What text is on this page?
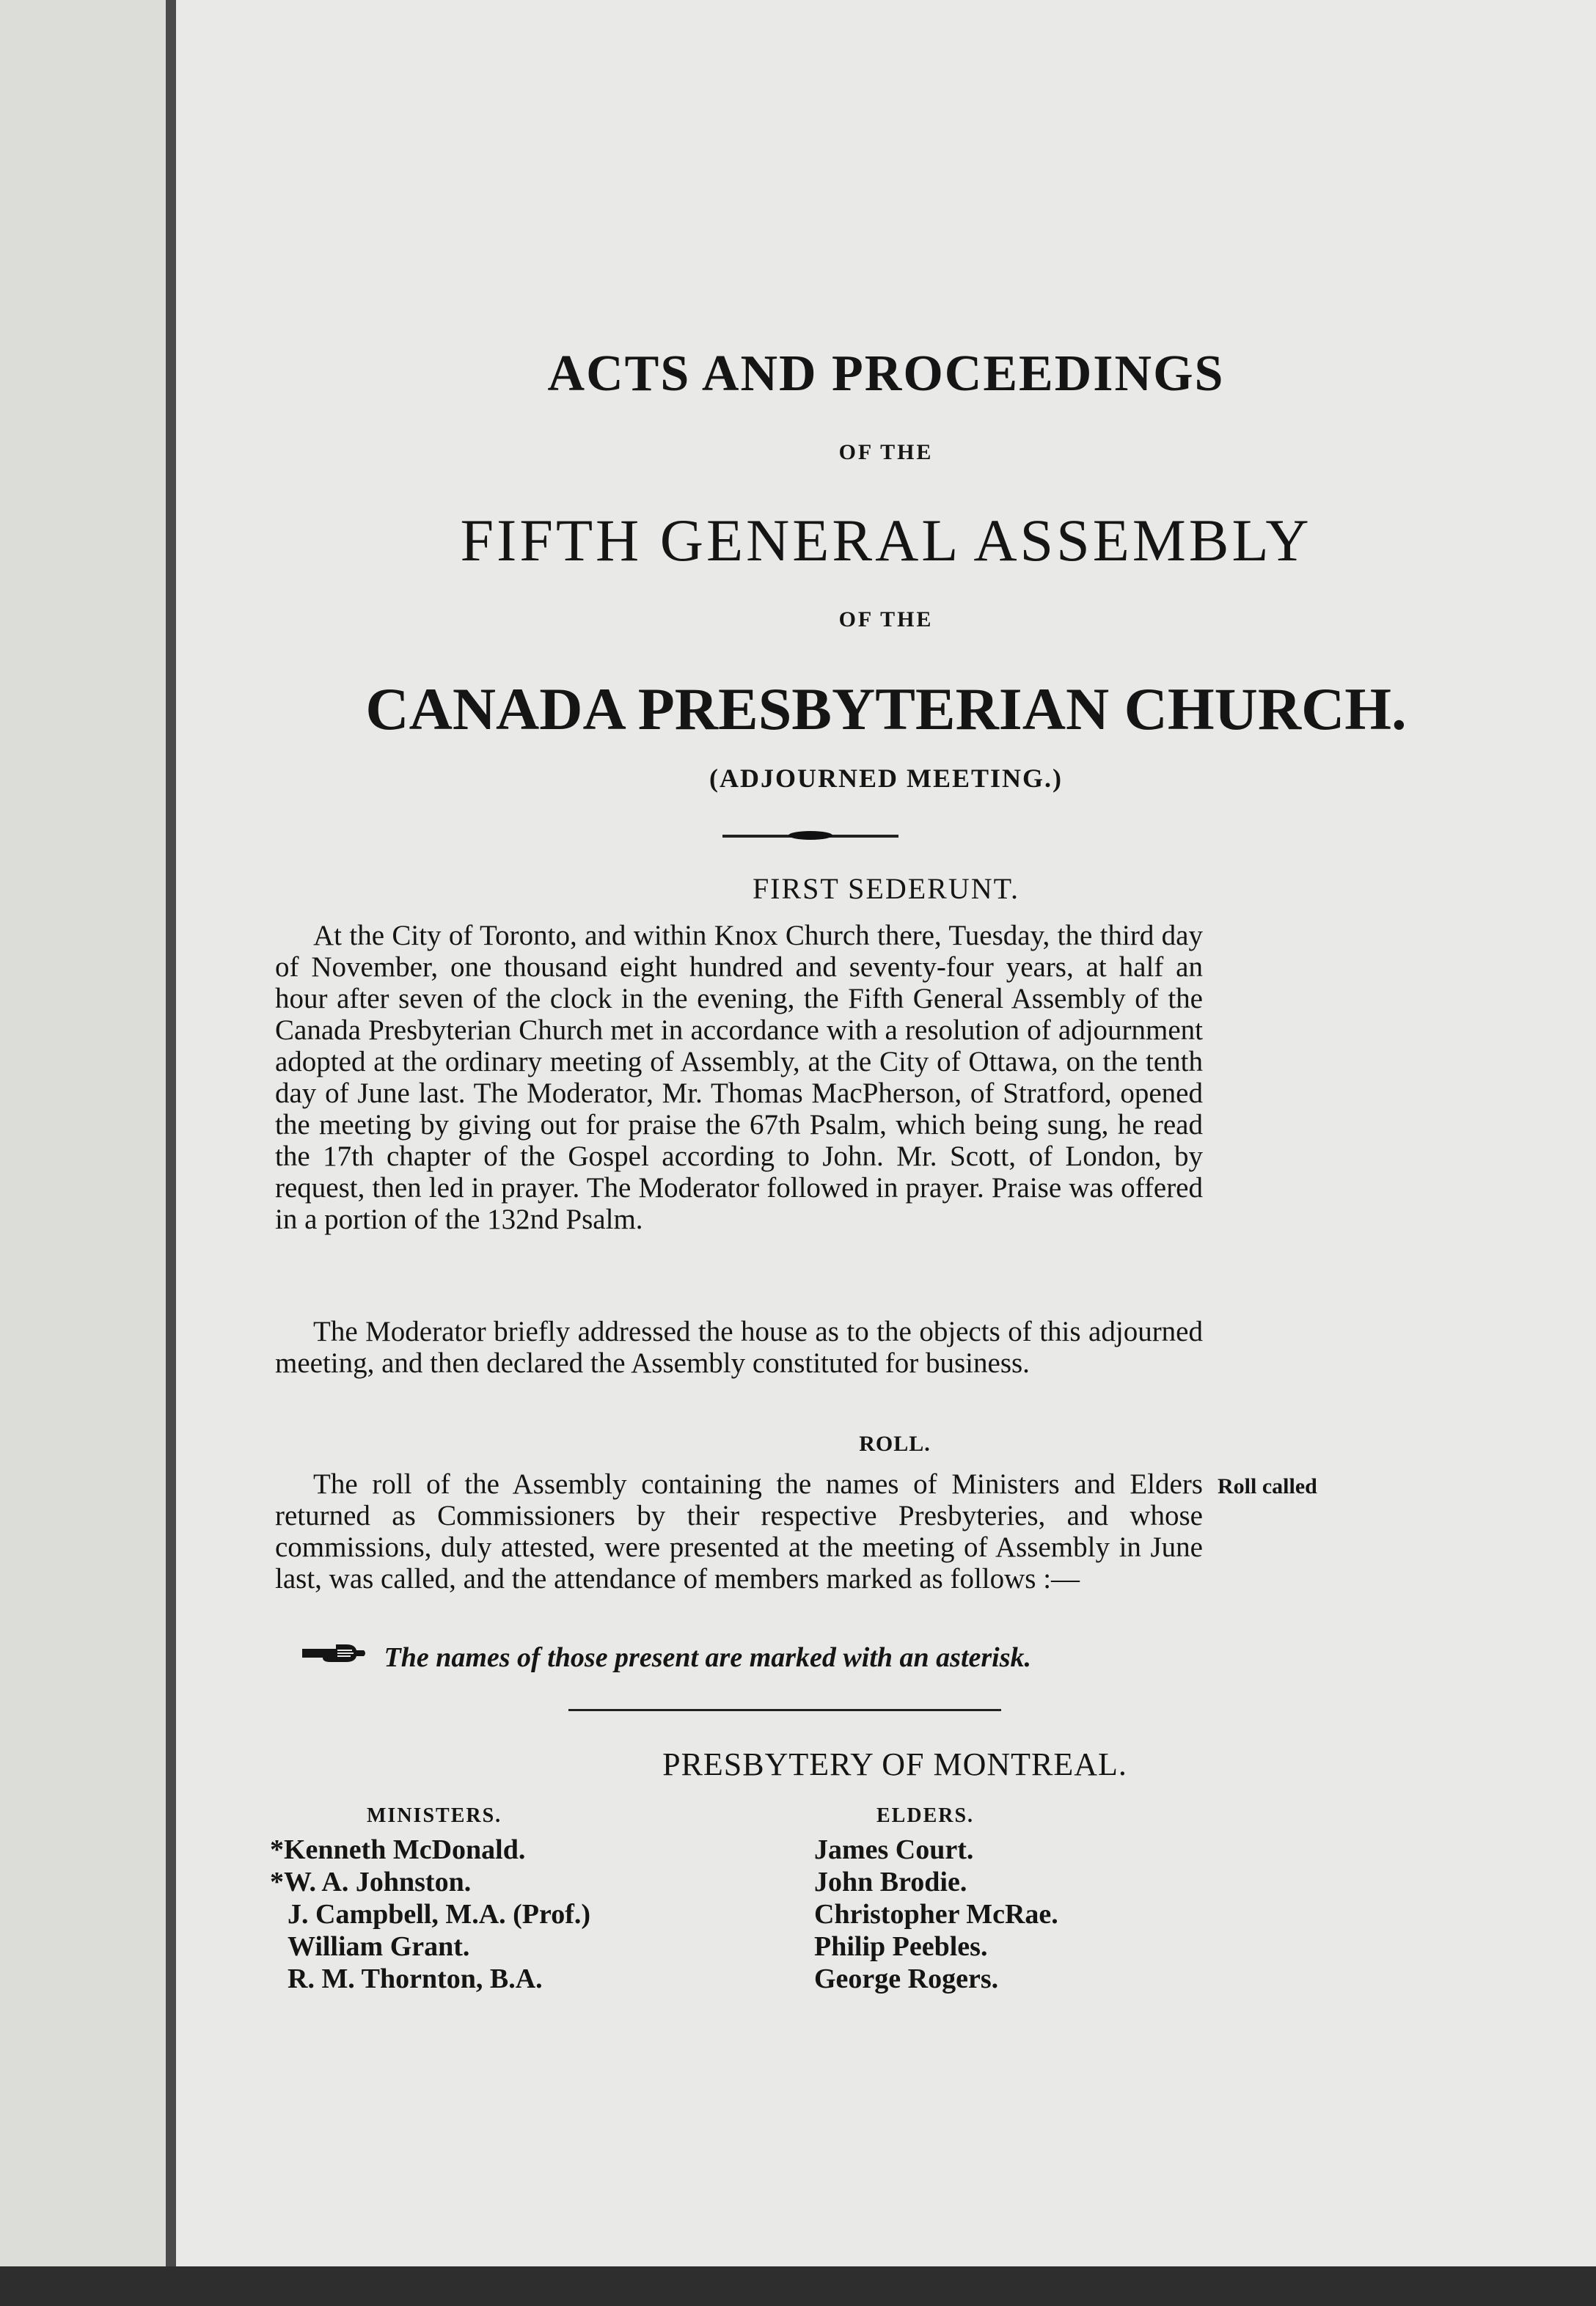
ACTS AND PROCEEDINGS
OF THE
FIFTH GENERAL ASSEMBLY
OF THE
CANADA PRESBYTERIAN CHURCH.
(ADJOURNED MEETING.)
FIRST SEDERUNT.

At the City of Toronto, and within Knox Church there, Tuesday, the third day of November, one thousand eight hundred and seventy-four years, at half an hour after seven of the clock in the evening, the Fifth General Assembly of the Canada Presbyterian Church met in accordance with a resolution of adjournment adopted at the ordinary meeting of Assembly, at the City of Ottawa, on the tenth day of June last. The Moderator, Mr. Thomas MacPherson, of Stratford, opened the meeting by giving out for praise the 67th Psalm, which being sung, he read the 17th chapter of the Gospel according to John. Mr. Scott, of London, by request, then led in prayer. The Moderator followed in prayer. Praise was offered in a portion of the 132nd Psalm.

The Moderator briefly addressed the house as to the objects of this adjourned meeting, and then declared the Assembly constituted for business.

ROLL.

The roll of the Assembly containing the names of Ministers and Elders returned as Commissioners by their respective Presbyteries, and whose commissions, duly attested, were presented at the meeting of Assembly in June last, was called, and the attendance of members marked as follows :—

Roll called
The names of those present are marked with an asterisk.
PRESBYTERY OF MONTREAL.
MINISTERS.	ELDERS.
*Kenneth McDonald.
*W. A. Johnston.
J. Campbell, M.A. (Prof.)
William Grant.
R. M. Thornton, B.A.
James Court.
John Brodie.
Christopher McRae.
Philip Peebles.
George Rogers.
